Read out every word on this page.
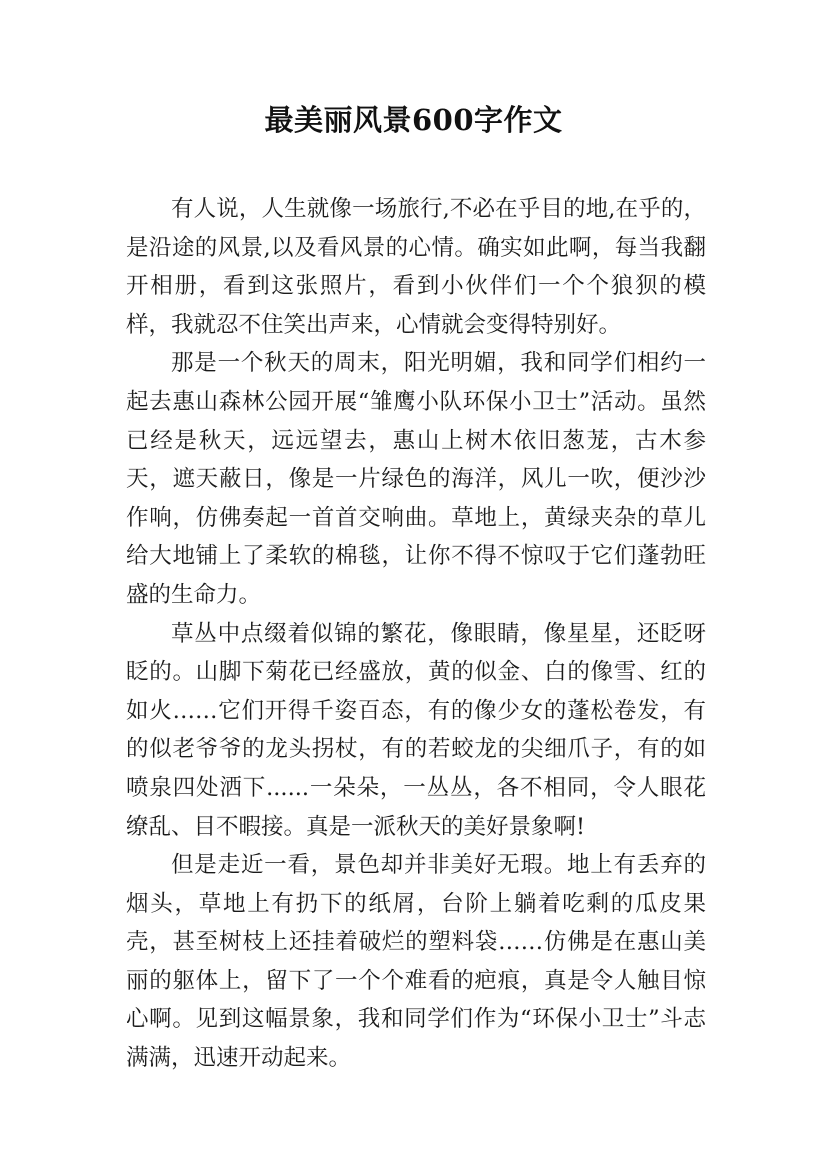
最美丽风景600字作文

有人说，人生就像一场旅行,不必在乎目的地,在乎的，是沿途的风景,以及看风景的心情。确实如此啊，每当我翻开相册，看到这张照片，看到小伙伴们一个个狼狈的模样，我就忍不住笑出声来，心情就会变得特别好。

那是一个秋天的周末，阳光明媚，我和同学们相约一起去惠山森林公园开展“雏鹰小队环保小卫士”活动。虽然已经是秋天，远远望去，惠山上树木依旧葱茏，古木参天，遮天蔽日，像是一片绿色的海洋，风儿一吹，便沙沙作响，仿佛奏起一首首交响曲。草地上，黄绿夹杂的草儿给大地铺上了柔软的棉毯，让你不得不惊叹于它们蓬勃旺盛的生命力。

草丛中点缀着似锦的繁花，像眼睛，像星星，还眨呀眨的。山脚下菊花已经盛放，黄的似金、白的像雪、红的如火……它们开得千姿百态，有的像少女的蓬松卷发，有的似老爷爷的龙头拐杖，有的若蛟龙的尖细爪子，有的如喷泉四处洒下......一朵朵，一丛丛，各不相同，令人眼花缭乱、目不暇接。真是一派秋天的美好景象啊!

但是走近一看，景色却并非美好无瑕。地上有丢弃的烟头，草地上有扔下的纸屑，台阶上躺着吃剩的瓜皮果壳，甚至树枝上还挂着破烂的塑料袋……仿佛是在惠山美丽的躯体上，留下了一个个难看的疤痕，真是令人触目惊心啊。见到这幅景象，我和同学们作为“环保小卫士”斗志满满，迅速开动起来。
